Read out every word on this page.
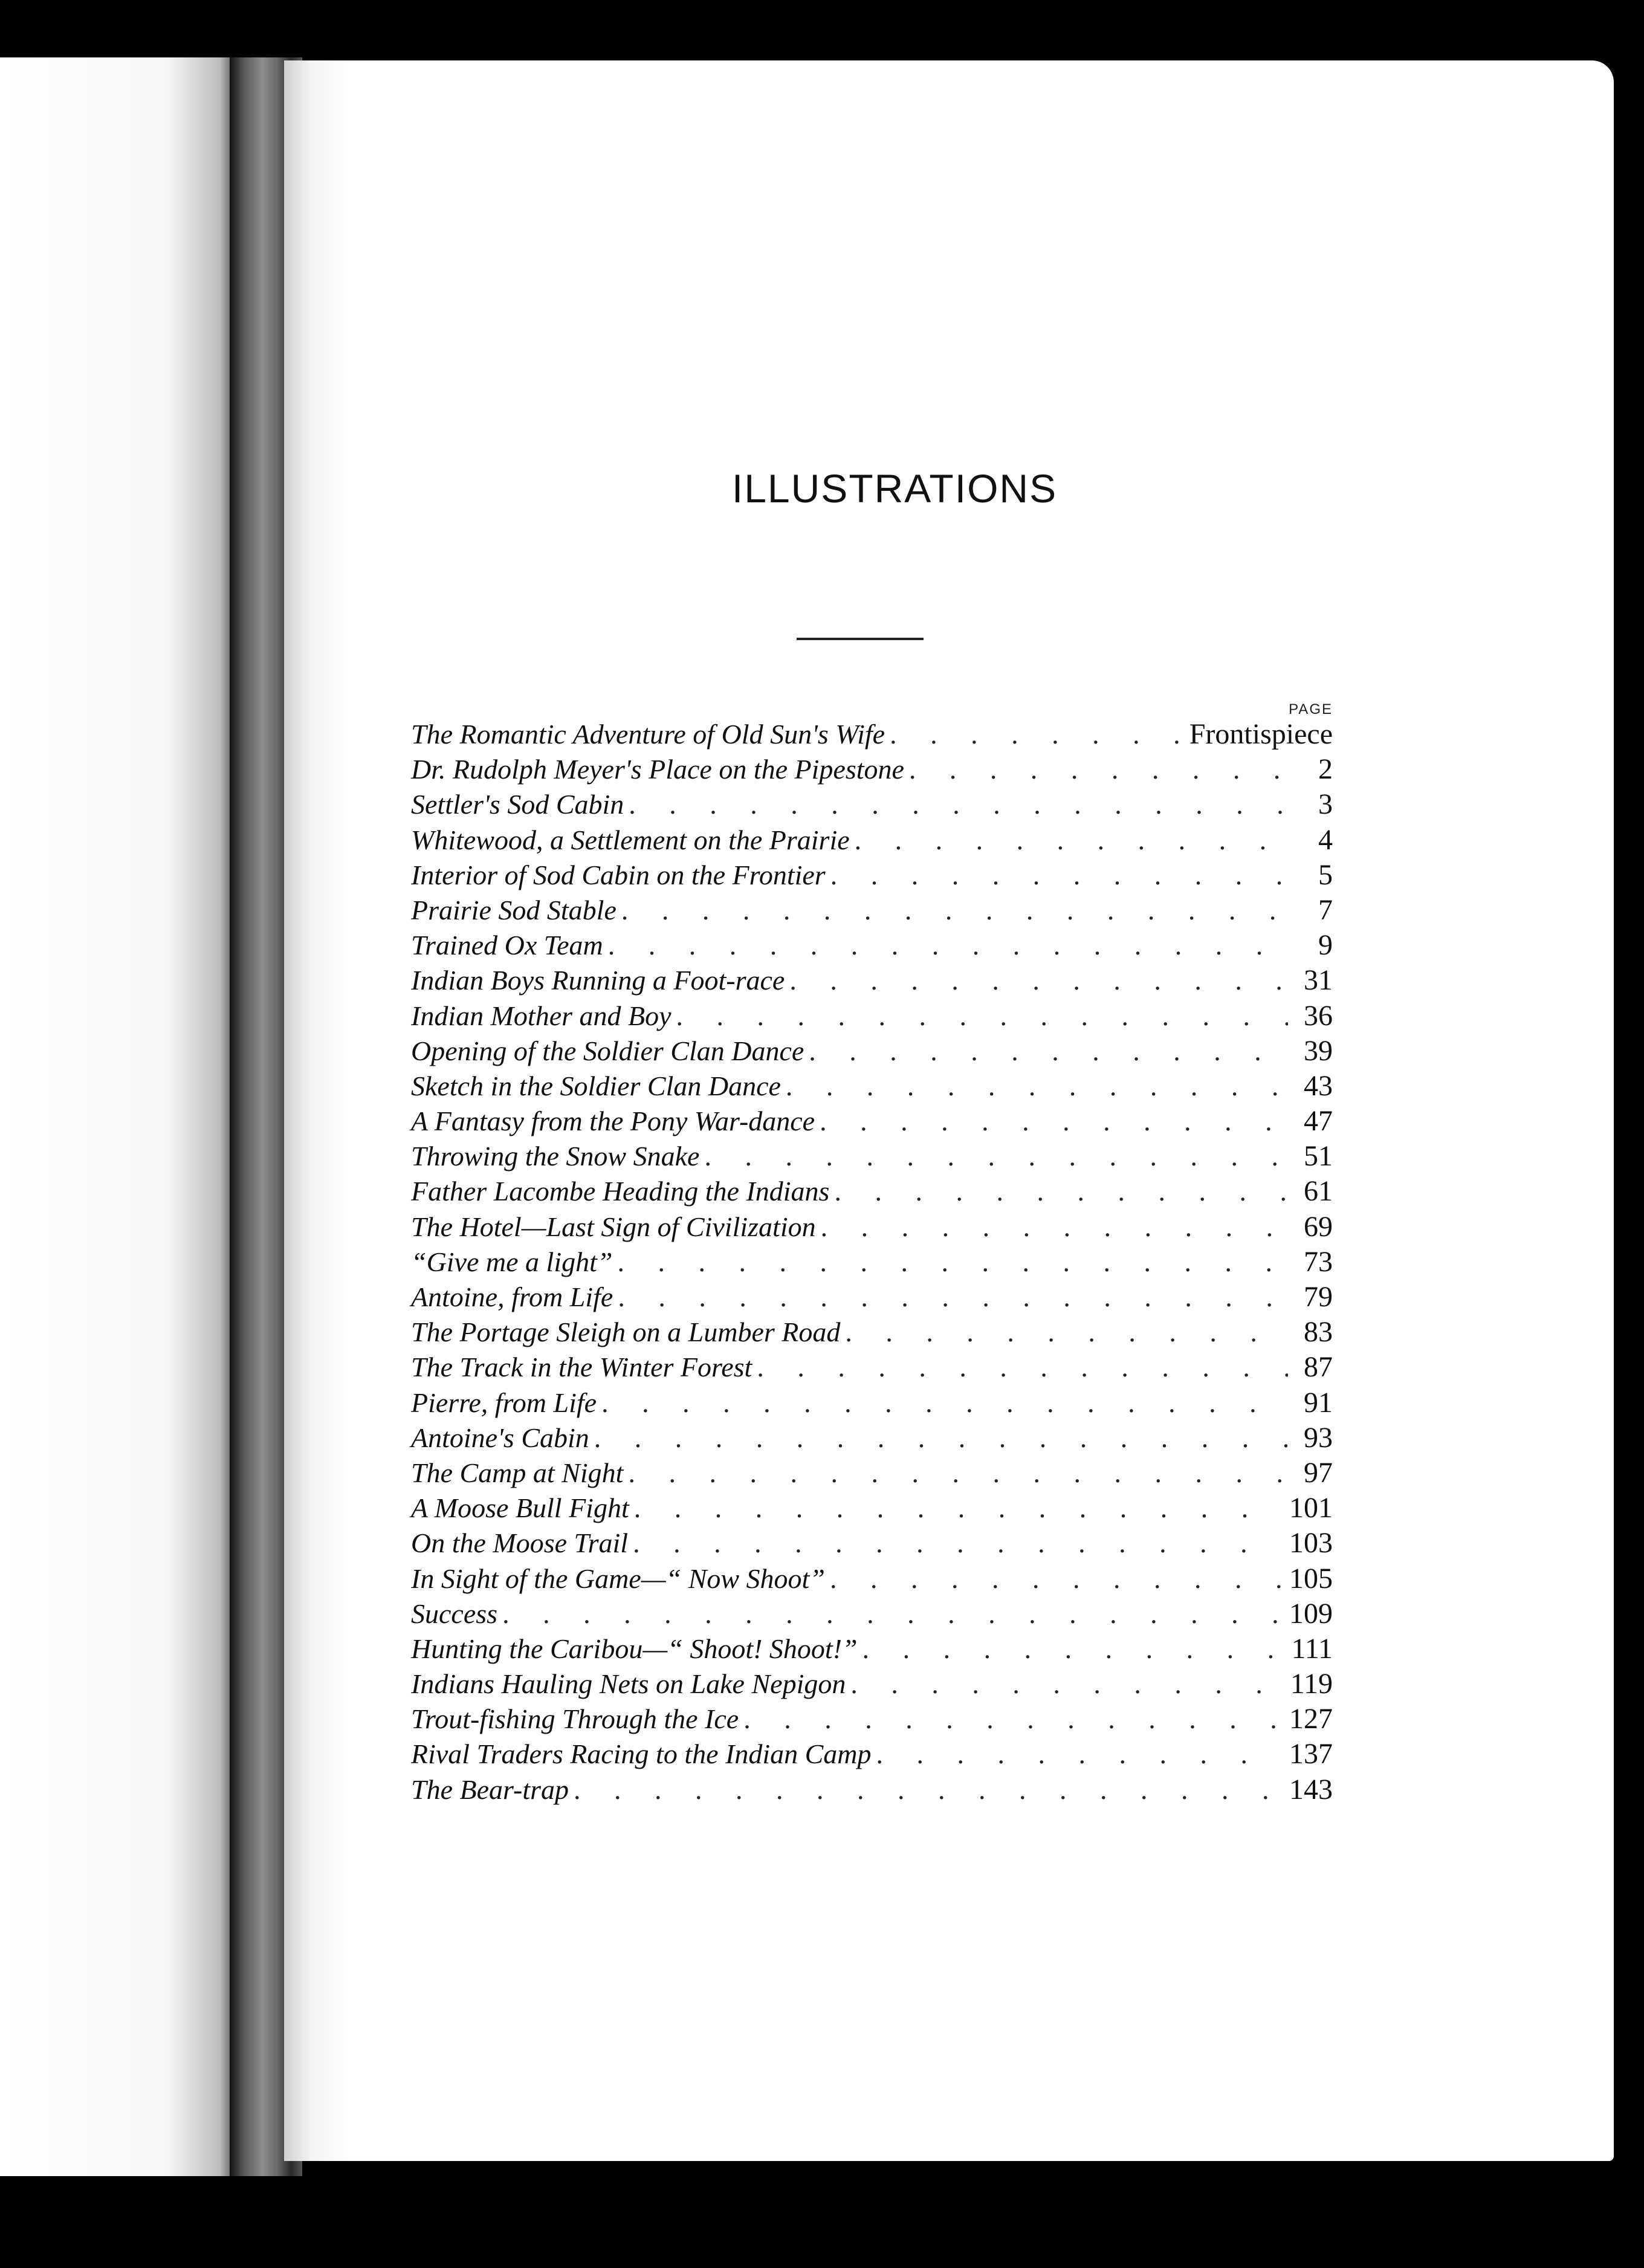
ILLUSTRATIONS
PAGE
The Romantic Adventure of Old Sun's Wife . . .	Frontispiece
Dr. Rudolph Meyer's Place on the Pipestone . . .	2
Settler's Sod Cabin . . .	3
Whitewood, a Settlement on the Prairie . . .	4
Interior of Sod Cabin on the Frontier . . .	5
Prairie Sod Stable . . .	7
Trained Ox Team . . .	9
Indian Boys Running a Foot-race . . .	31
Indian Mother and Boy . . .	36
Opening of the Soldier Clan Dance . . .	39
Sketch in the Soldier Clan Dance . . .	43
A Fantasy from the Pony War-dance . . .	47
Throwing the Snow Snake . . .	51
Father Lacombe Heading the Indians . . .	61
The Hotel—Last Sign of Civilization . . .	69
“Give me a light” . . .	73
Antoine, from Life . . .	79
The Portage Sleigh on a Lumber Road . . .	83
The Track in the Winter Forest . . .	87
Pierre, from Life . . .	91
Antoine's Cabin . . .	93
The Camp at Night . . .	97
A Moose Bull Fight . . .	101
On the Moose Trail . . .	103
In Sight of the Game—“ Now Shoot” . . .	105
Success . . .	109
Hunting the Caribou—“ Shoot! Shoot!” . . .	111
Indians Hauling Nets on Lake Nepigon . . .	119
Trout-fishing Through the Ice . . .	127
Rival Traders Racing to the Indian Camp . . .	137
The Bear-trap . . .	143
